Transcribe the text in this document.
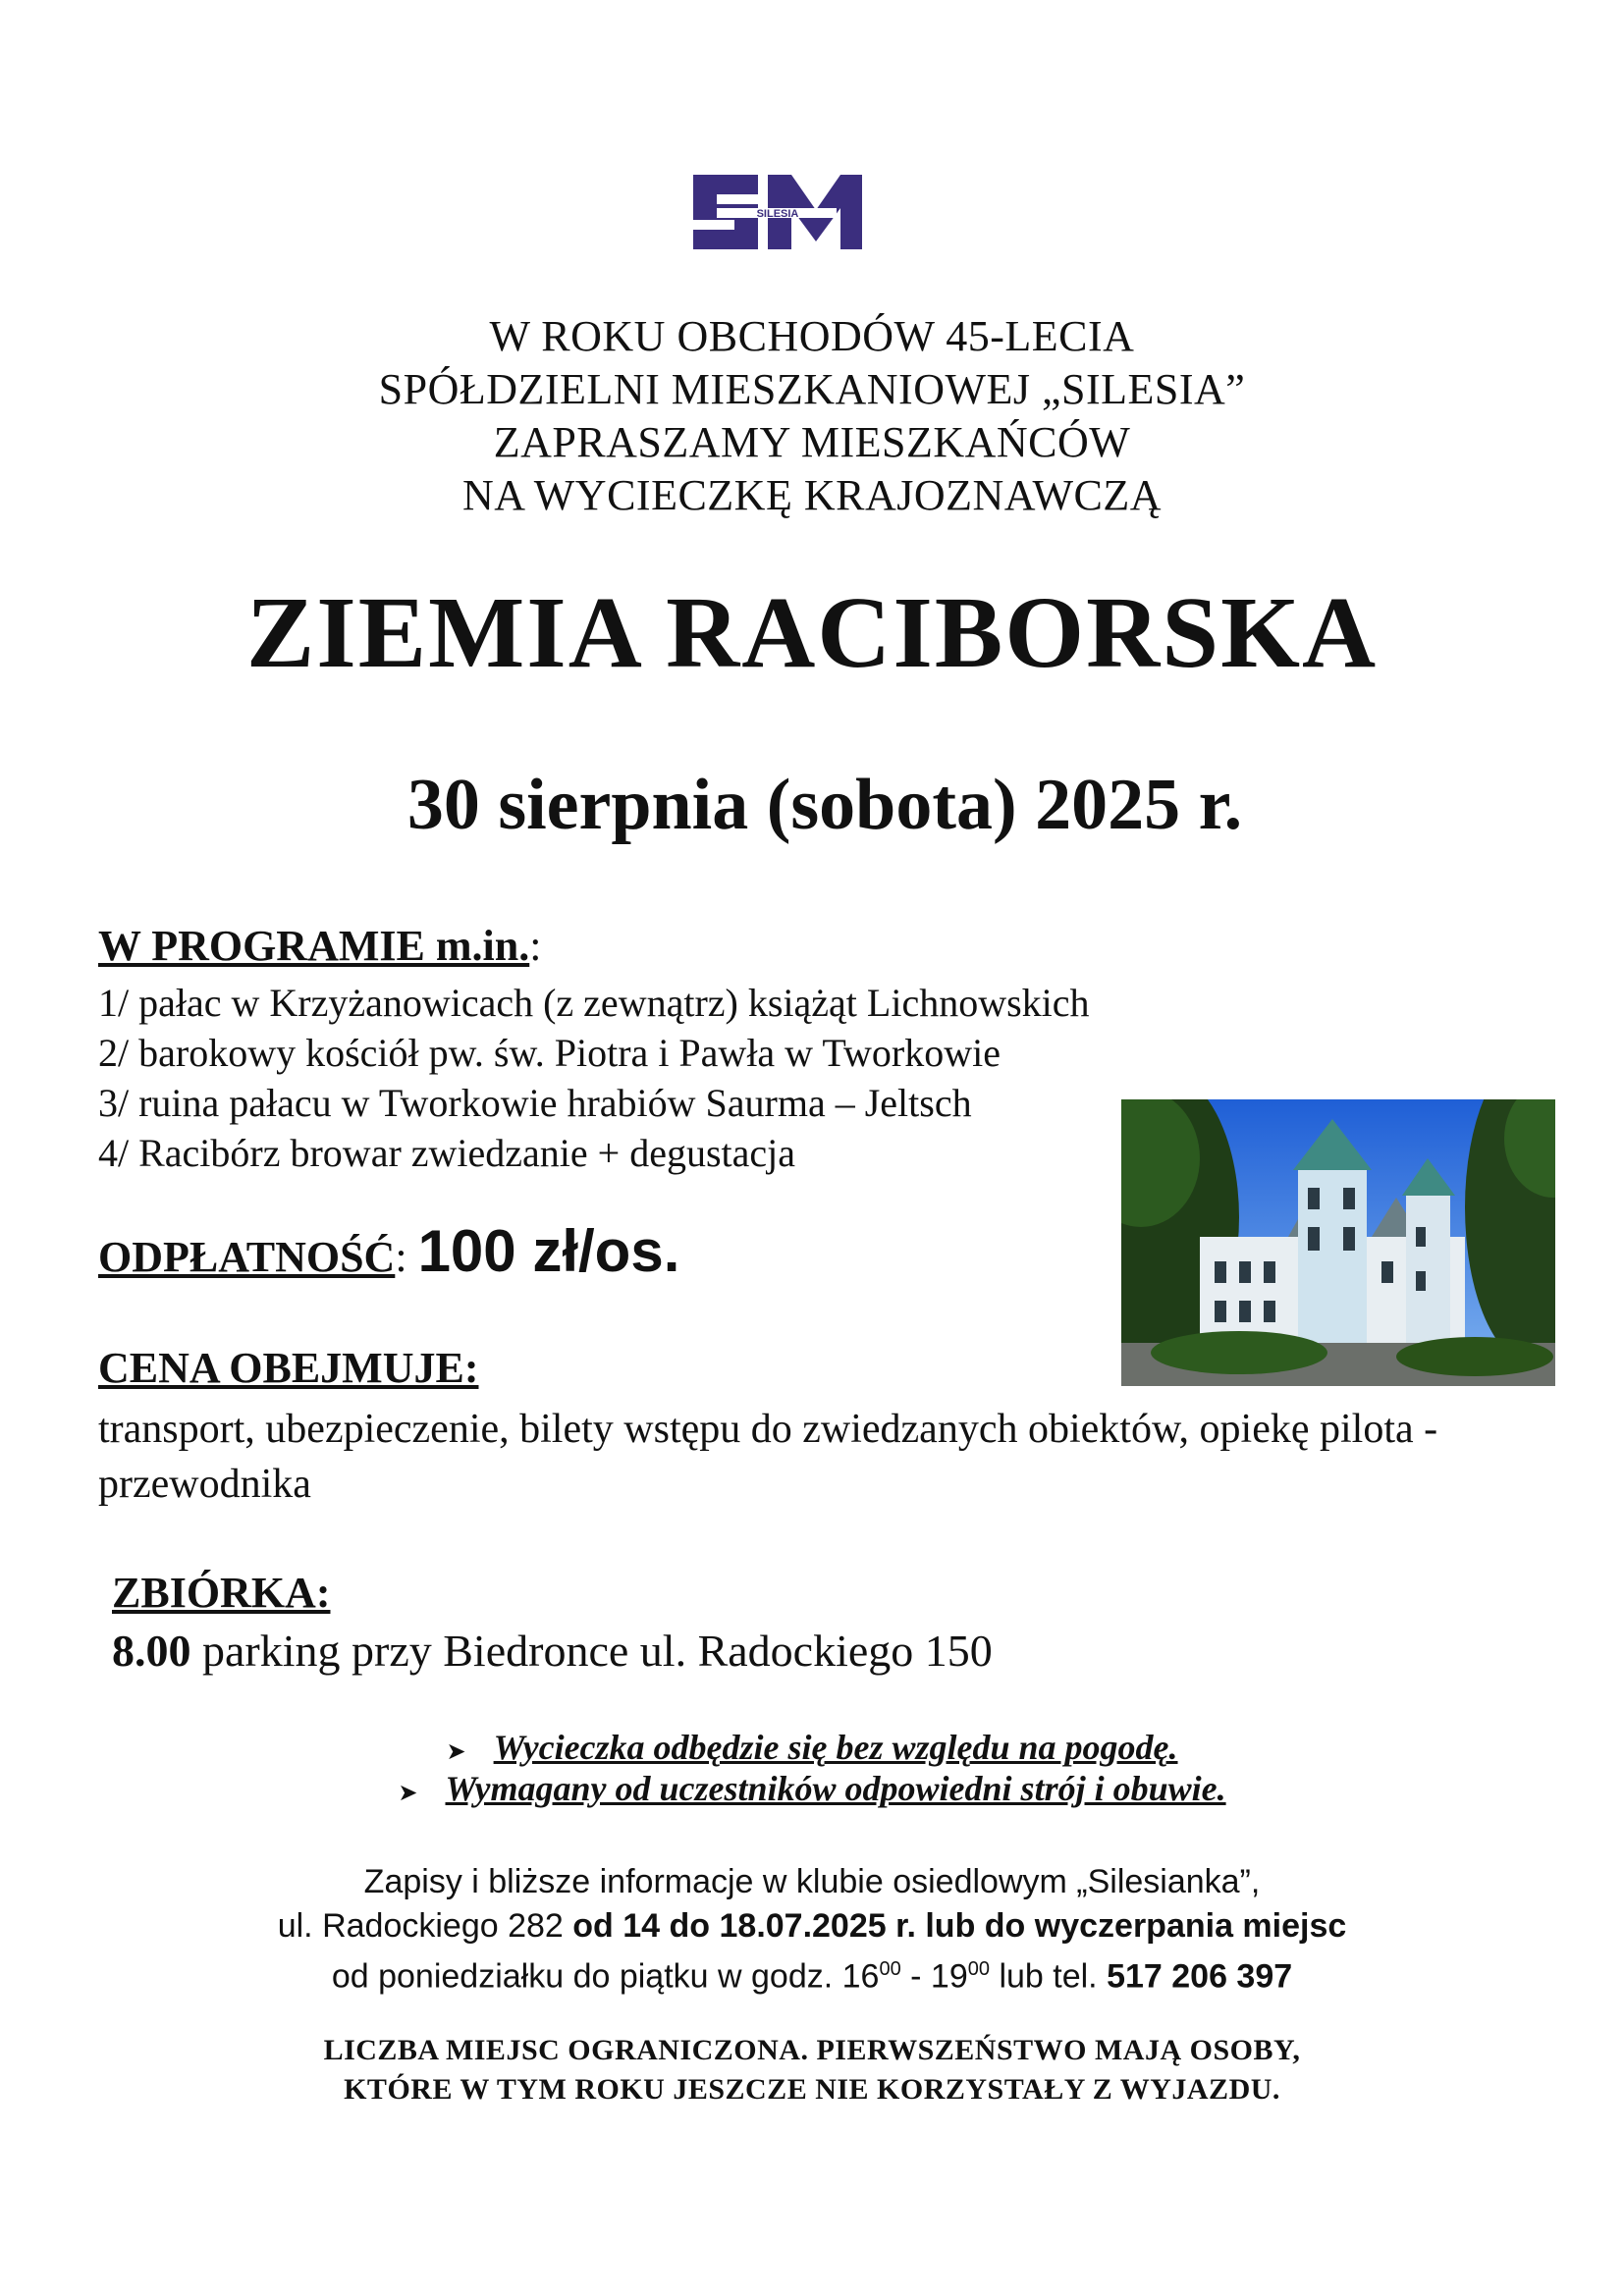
SILESIA
W ROKU OBCHODÓW 45-LECIA
SPÓŁDZIELNI MIESZKANIOWEJ „SILESIA”
ZAPRASZAMY MIESZKAŃCÓW
NA WYCIECZKĘ KRAJOZNAWCZĄ
ZIEMIA RACIBORSKA
30 sierpnia (sobota) 2025 r.
W PROGRAMIE m.in.:
1/ pałac w Krzyżanowicach (z zewnątrz) książąt Lichnowskich
2/ barokowy kościół pw. św. Piotra i Pawła w Tworkowie
3/ ruina pałacu w Tworkowie hrabiów Saurma – Jeltsch
4/ Racibórz browar zwiedzanie + degustacja
ODPŁATNOŚĆ: 100 zł/os.
CENA OBEJMUJE:
transport, ubezpieczenie, bilety wstępu do zwiedzanych obiektów, opiekę pilota - przewodnika
ZBIÓRKA:
8.00 parking przy Biedronce ul. Radockiego 150
➤ Wycieczka odbędzie się bez względu na pogodę.
➤ Wymagany od uczestników odpowiedni strój i obuwie.
Zapisy i bliższe informacje w klubie osiedlowym „Silesianka”,
ul. Radockiego 282 od 14 do 18.07.2025 r. lub do wyczerpania miejsc
od poniedziałku do piątku w godz. $16^{00} - 19^{00}$ lub tel. 517 206 397
LICZBA MIEJSC OGRANICZONA. PIERWSZEŃSTWO MAJĄ OSOBY,
KTÓRE W TYM ROKU JESZCZE NIE KORZYSTAŁY Z WYJAZDU.
